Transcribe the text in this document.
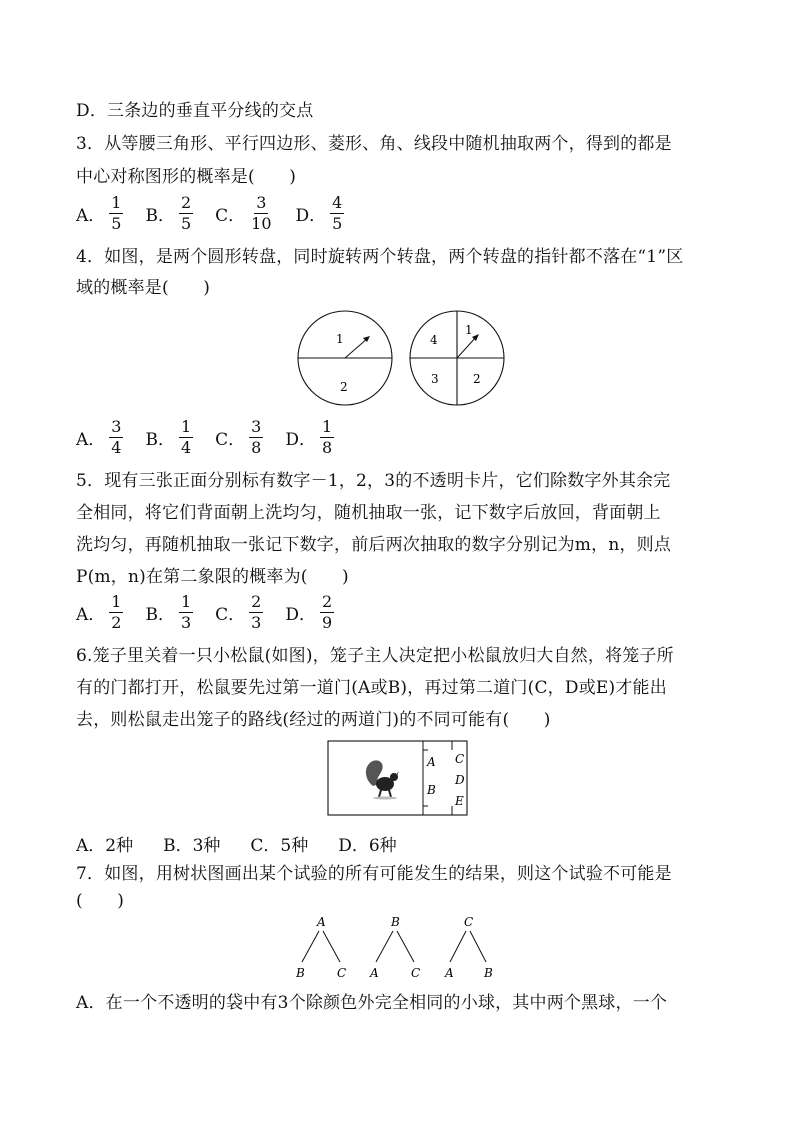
D．三条边的垂直平分线的交点
3．从等腰三角形、平行四边形、菱形、角、线段中随机抽取两个，得到的都是
中心对称图形的概率是(　　)
A． $\frac{1}{5}$ B． $\frac{2}{5}$ C． $\frac{3}{10}$ D． $\frac{4}{5}$
4．如图，是两个圆形转盘，同时旋转两个转盘，两个转盘的指针都不落在“1”区
域的概率是(　　)
1
2
1
4
3	2
A． $\frac{3}{4}$ B． $\frac{1}{4}$ C． $\frac{3}{8}$ D． $\frac{1}{8}$
5．现有三张正面分别标有数字－1，2，3的不透明卡片，它们除数字外其余完
全相同，将它们背面朝上洗均匀，随机抽取一张，记下数字后放回，背面朝上
洗均匀，再随机抽取一张记下数字，前后两次抽取的数字分别记为m，n，则点
P(m，n)在第二象限的概率为(　　)
A． $\frac{1}{2}$ B． $\frac{1}{3}$ C． $\frac{2}{3}$ D． $\frac{2}{9}$
6.笼子里关着一只小松鼠(如图)，笼子主人决定把小松鼠放归大自然，将笼子所
有的门都打开，松鼠要先过第一道门(A或B)，再过第二道门(C，D或E)才能出
去，则松鼠走出笼子的路线(经过的两道门)的不同可能有(　　)
A
B
C
D
E
A．2种 B．3种 C．5种 D．6种
7．如图，用树状图画出某个试验的所有可能发生的结果，则这个试验不可能是
(　　)
A
B	C
B
A	C
C
A	B
A．在一个不透明的袋中有3个除颜色外完全相同的小球，其中两个黑球，一个
